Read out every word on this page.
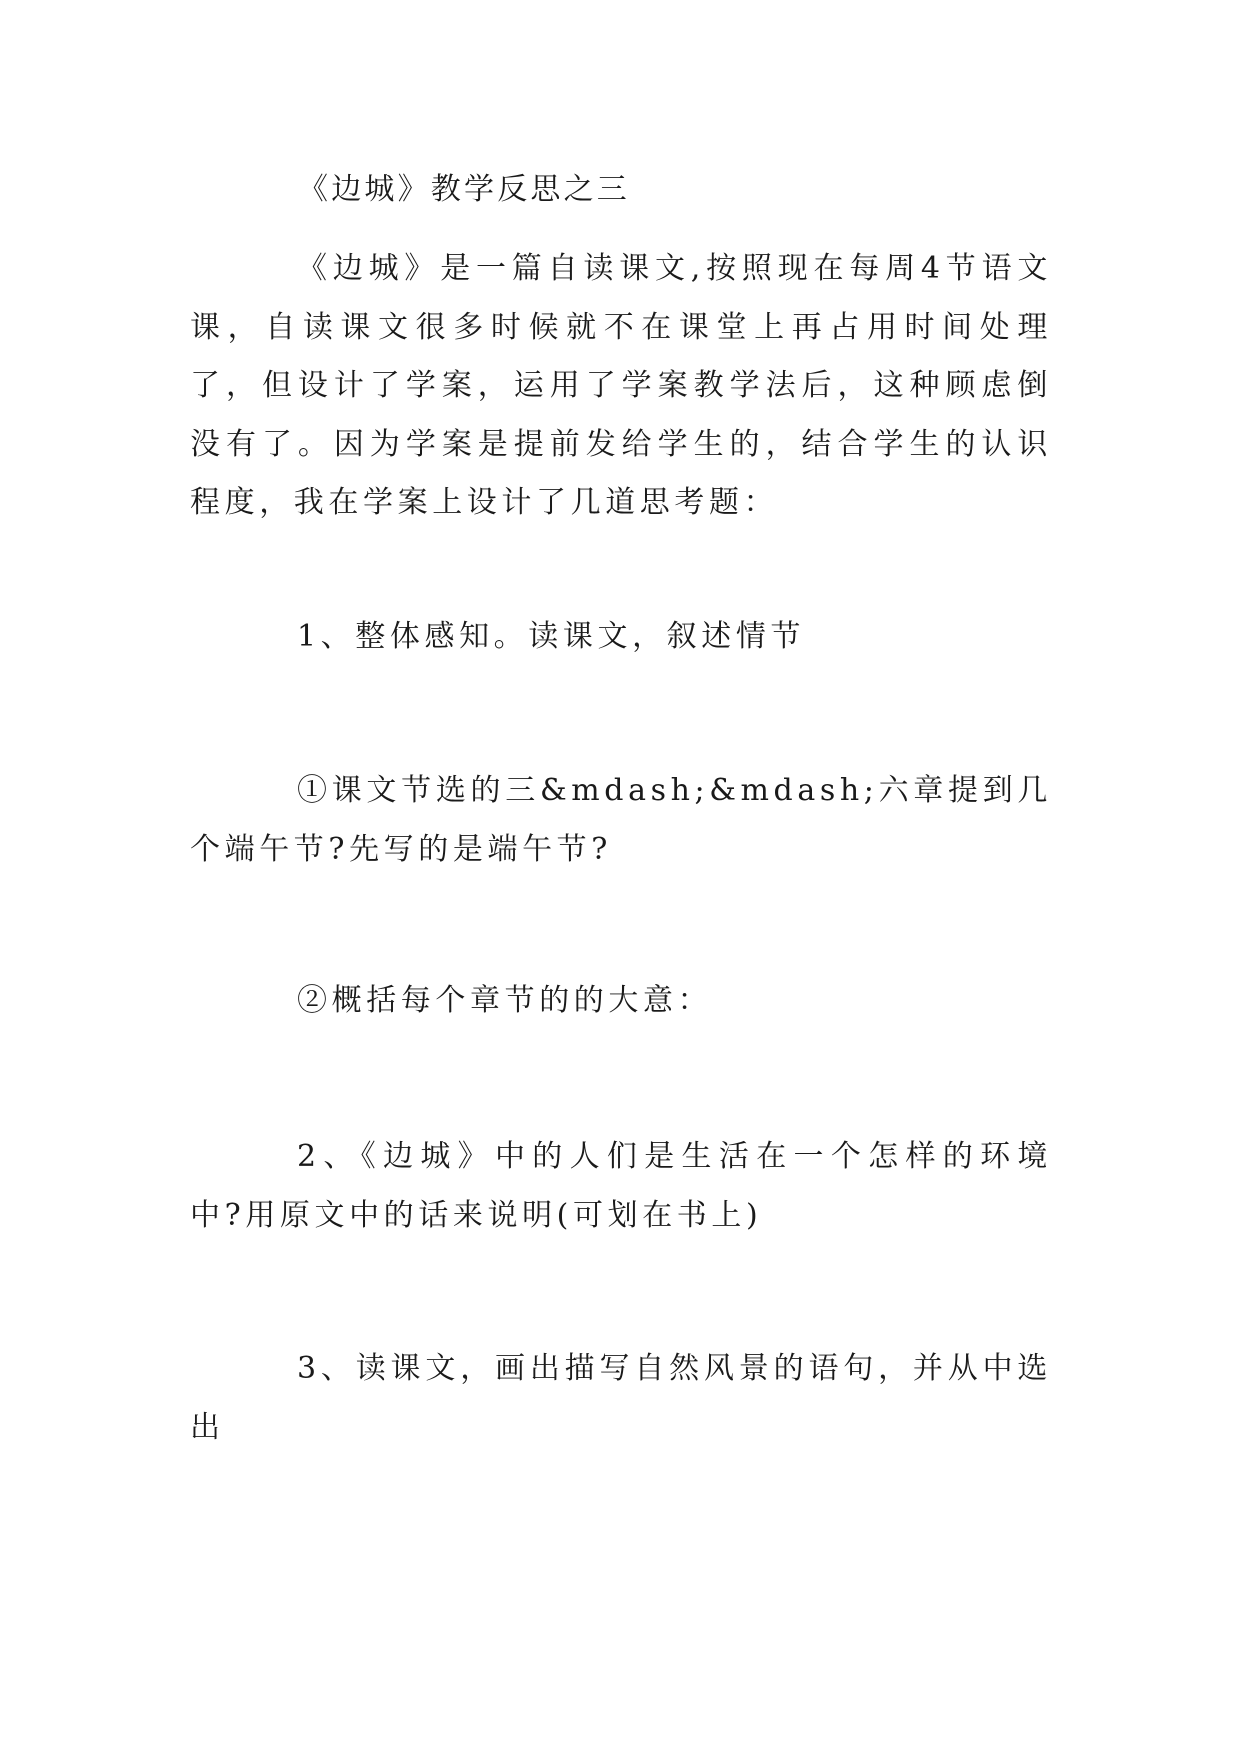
《边城》教学反思之三
《边城》是一篇自读课文,按照现在每周4节语文课，自读课文很多时候就不在课堂上再占用时间处理了，但设计了学案，运用了学案教学法后，这种顾虑倒没有了。因为学案是提前发给学生的，结合学生的认识程度，我在学案上设计了几道思考题：
1、整体感知。读课文，叙述情节
①课文节选的三&mdash;&mdash;六章提到几个端午节?先写的是端午节?
②概括每个章节的的大意：
2、《边城》中的人们是生活在一个怎样的环境中?用原文中的话来说明(可划在书上)
3、读课文，画出描写自然风景的语句，并从中选出
